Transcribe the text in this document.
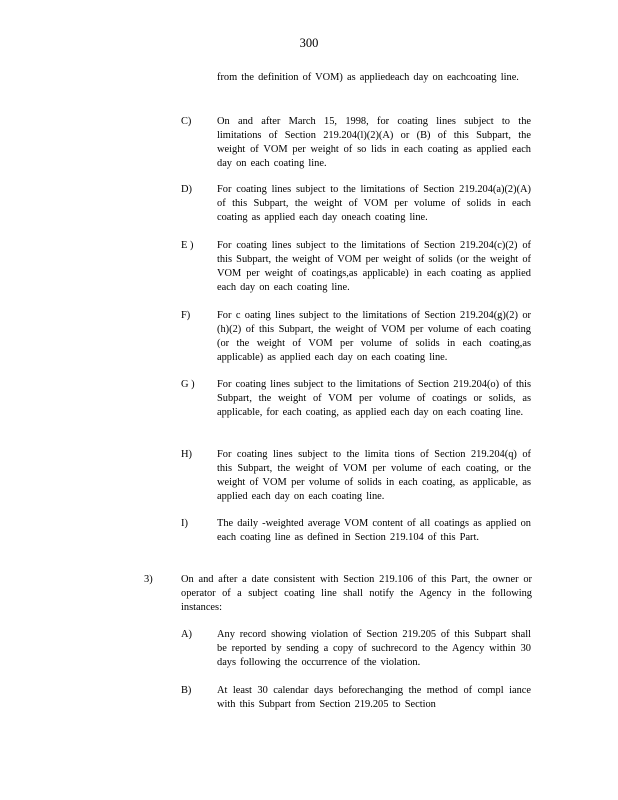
300
from the definition of VOM) as appliedeach day on eachcoating line.
C) On and after March 15, 1998, for coating lines subject to the limitations of Section 219.204(l)(2)(A) or (B) of this Subpart, the weight of VOM per weight of so lids in each coating as applied each day on each coating line.
D) For coating lines subject to the limitations of Section 219.204(a)(2)(A) of this Subpart, the weight of VOM per volume of solids in each coating as applied each day oneach coating line.
E ) For coating lines subject to the limitations of Section 219.204(c)(2) of this Subpart, the weight of VOM per weight of solids (or the weight of VOM per weight of coatings,as applicable) in each coating as applied each day on each coating line.
F)	For c oating lines subject to the limitations of Section 219.204(g)(2) or (h)(2) of this Subpart, the weight of VOM per volume of each coating (or the weight of VOM per volume of solids in each coating,as applicable) as applied each day on each coating line.
G ) For coating lines subject to the limitations of Section 219.204(o) of this Subpart, the weight of VOM per volume of coatings or solids, as applicable, for each coating, as applied each day on each coating line.
H) For coating lines subject to the limita tions of Section 219.204(q) of this Subpart, the weight of VOM per volume of each coating, or the weight of VOM per volume of solids in each coating, as applicable, as applied each day on each coating line.
I)	The daily -weighted average VOM content of all coatings as applied on each coating line as defined in Section 219.104 of this Part.
3)	On and after a date consistent with Section 219.106 of this Part, the owner or operator of a subject coating line shall notify the Agency in the following instances:
A) Any record showing violation of Section 219.205 of this Subpart shall be reported by sending a copy of suchrecord to the Agency within 30 days following the occurrence of the violation.
B) At least 30 calendar days beforechanging the method of compl iance with this Subpart from Section 219.205 to Section
